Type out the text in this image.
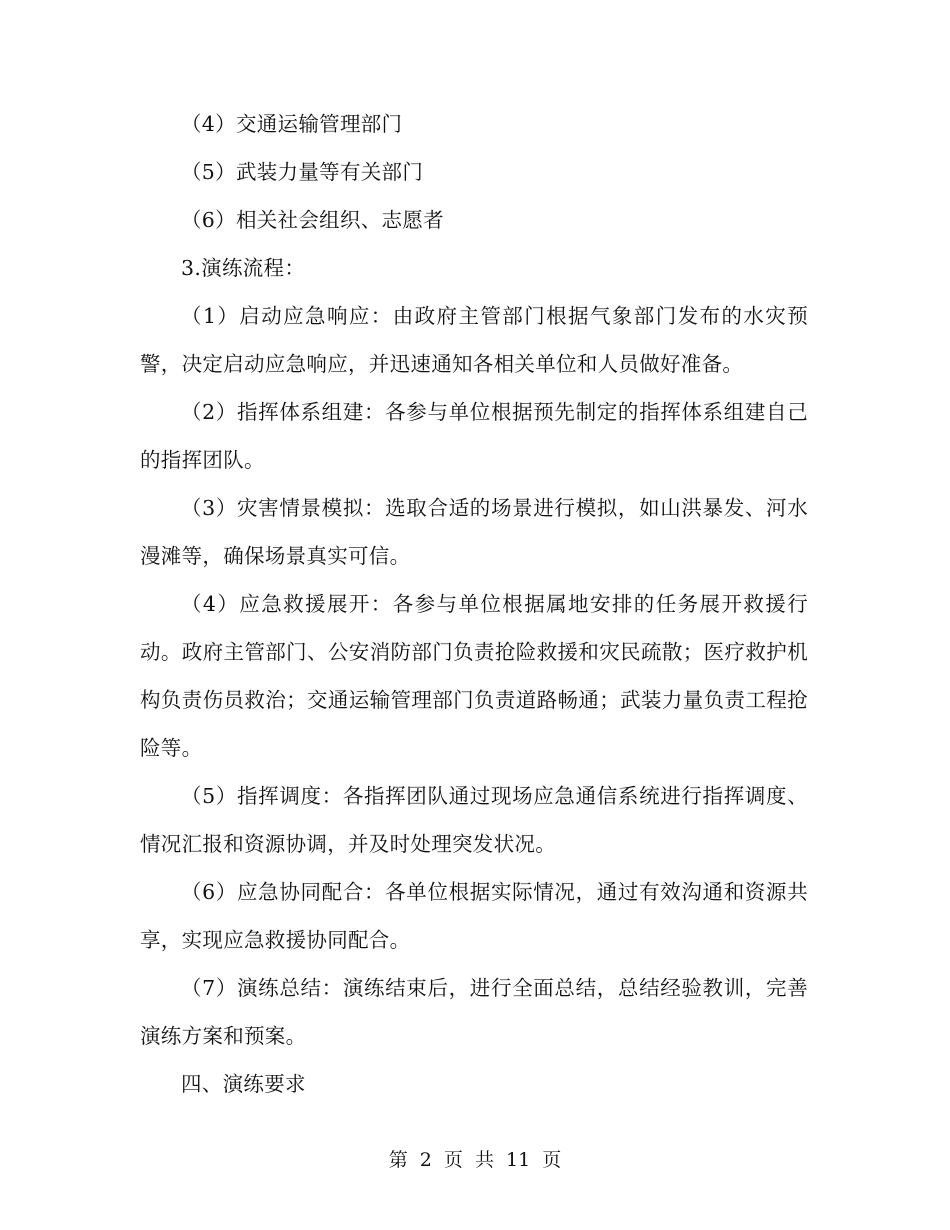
（4）交通运输管理部门

（5）武装力量等有关部门

（6）相关社会组织、志愿者

3.演练流程：

（1）启动应急响应：由政府主管部门根据气象部门发布的水灾预警，决定启动应急响应，并迅速通知各相关单位和人员做好准备。

（2）指挥体系组建：各参与单位根据预先制定的指挥体系组建自己的指挥团队。

（3）灾害情景模拟：选取合适的场景进行模拟，如山洪暴发、河水漫滩等，确保场景真实可信。

（4）应急救援展开：各参与单位根据属地安排的任务展开救援行动。政府主管部门、公安消防部门负责抢险救援和灾民疏散；医疗救护机构负责伤员救治；交通运输管理部门负责道路畅通；武装力量负责工程抢险等。

（5）指挥调度：各指挥团队通过现场应急通信系统进行指挥调度、情况汇报和资源协调，并及时处理突发状况。

（6）应急协同配合：各单位根据实际情况，通过有效沟通和资源共享，实现应急救援协同配合。

（7）演练总结：演练结束后，进行全面总结，总结经验教训，完善演练方案和预案。

四、演练要求

第 2 页 共 11 页
